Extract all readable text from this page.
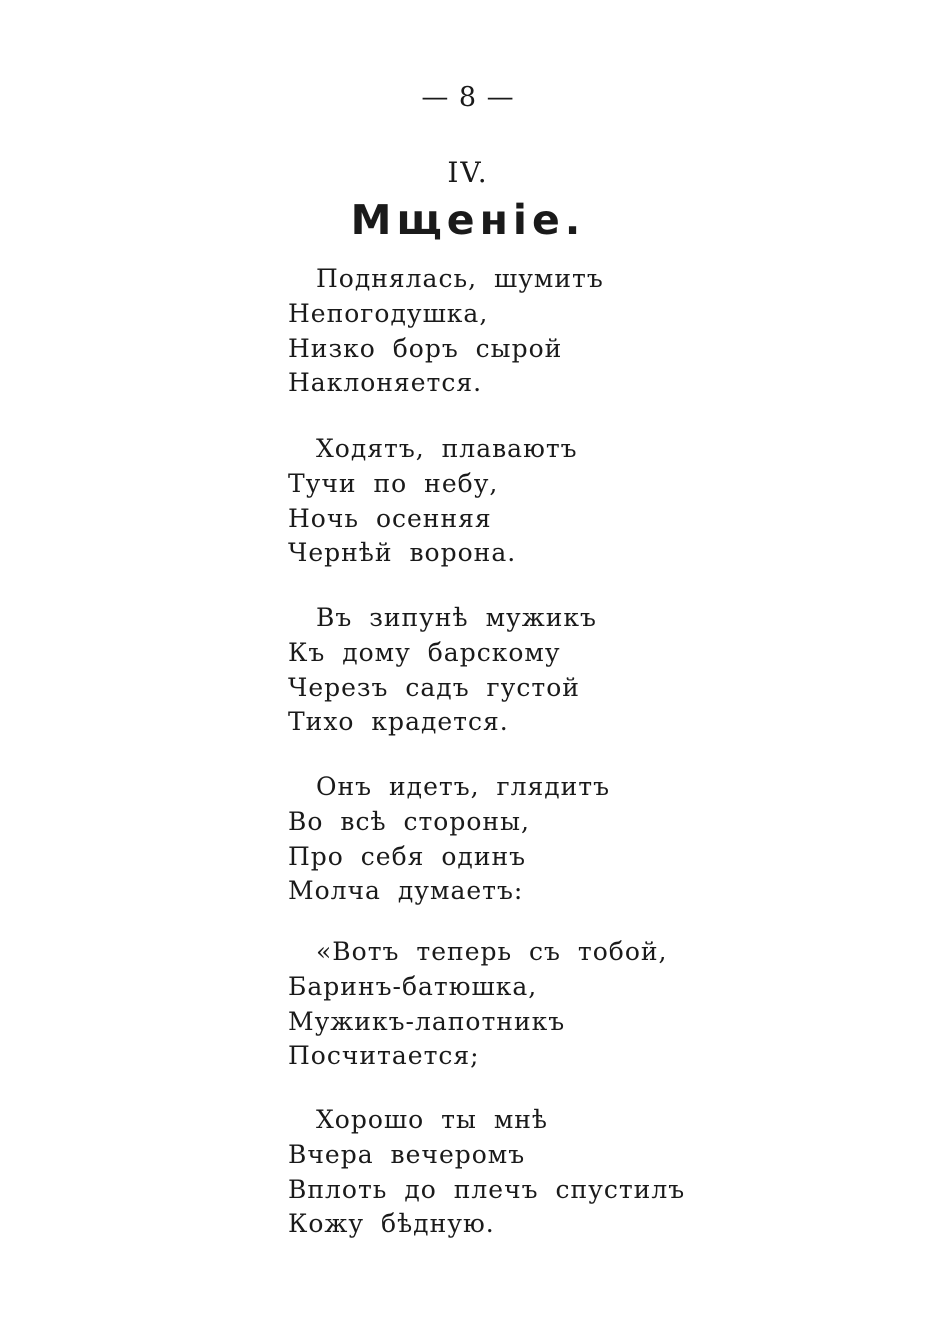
— 8 —
IV.
Мщеніе.
Поднялась, шумитъ
Непогодушка,
Низко боръ сырой
Наклоняется.
Ходятъ, плаваютъ
Тучи по небу,
Ночь осенняя
Чернѣй ворона.
Въ зипунѣ мужикъ
Къ дому барскому
Черезъ садъ густой
Тихо крадется.
Онъ идетъ, глядитъ
Во всѣ стороны,
Про себя одинъ
Молча думаетъ:
«Вотъ теперь съ тобой,
Баринъ-батюшка,
Мужикъ-лапотникъ
Посчитается;
Хорошо ты мнѣ
Вчера вечеромъ
Вплоть до плечъ спустилъ
Кожу бѣдную.
